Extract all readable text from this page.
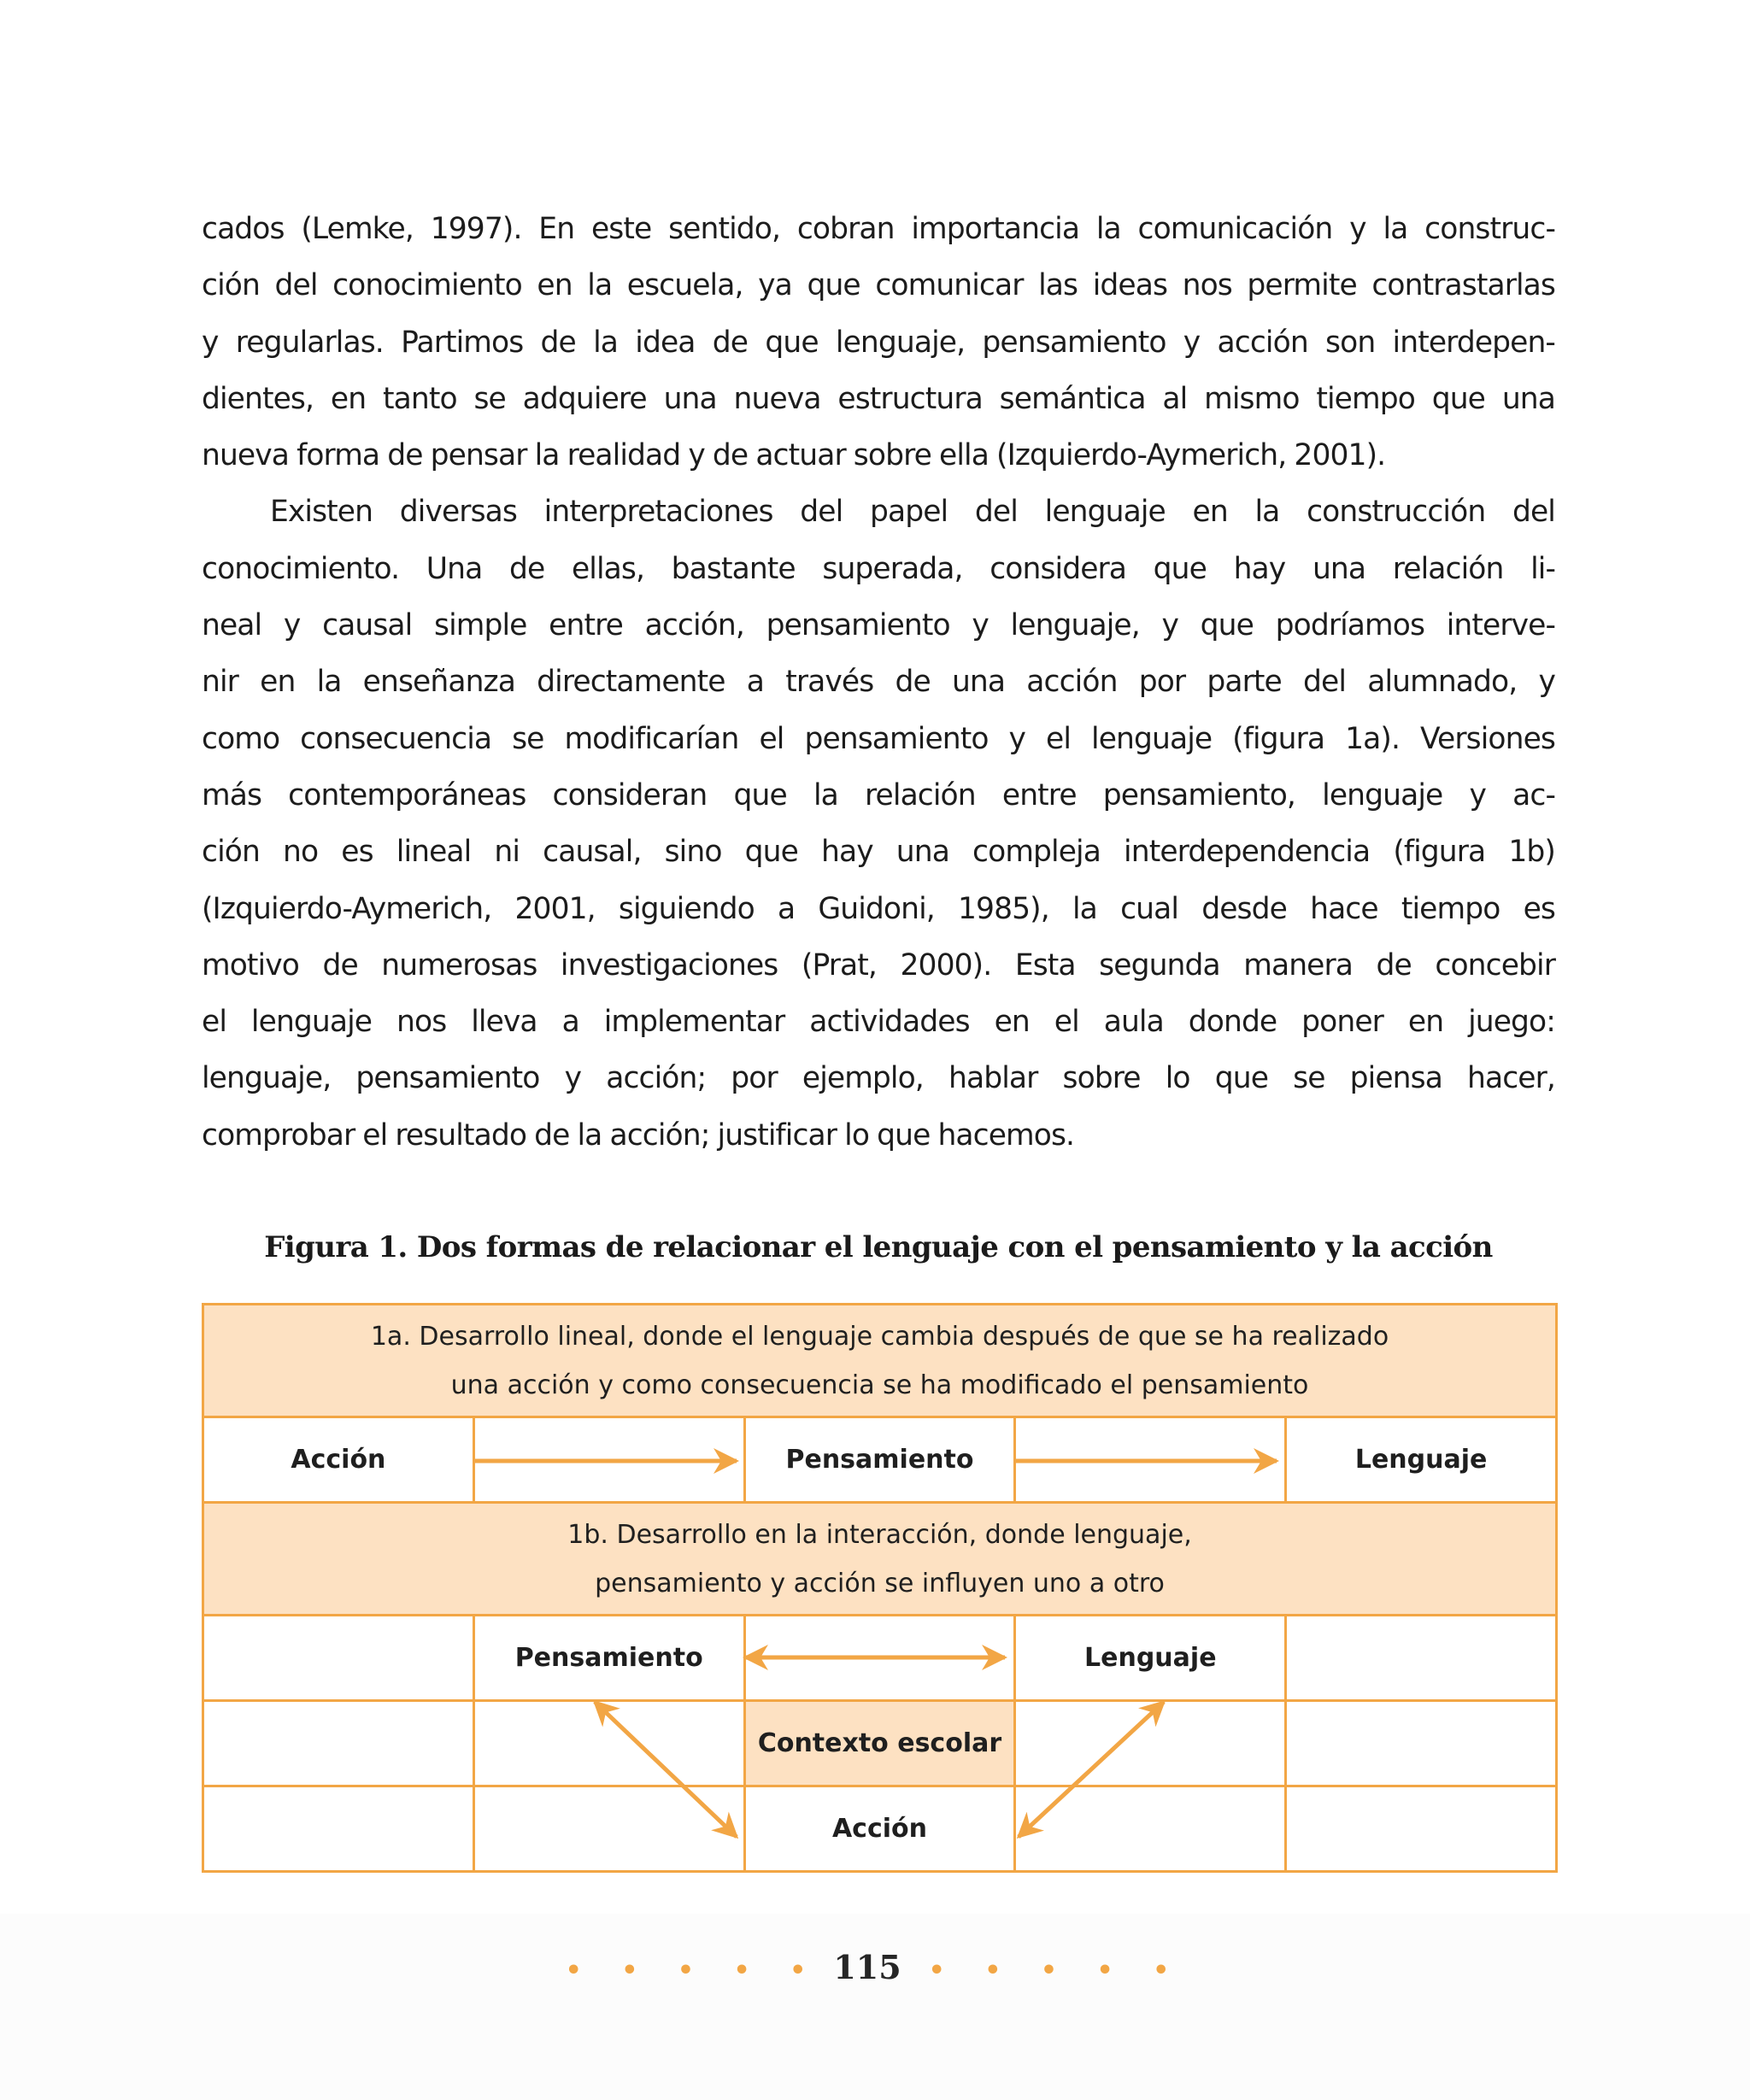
cados (Lemke, 1997). En este sentido, cobran importancia la comunicación y la construc-
ción del conocimiento en la escuela, ya que comunicar las ideas nos permite contrastarlas
y regularlas. Partimos de la idea de que lenguaje, pensamiento y acción son interdepen-
dientes, en tanto se adquiere una nueva estructura semántica al mismo tiempo que una
nueva forma de pensar la realidad y de actuar sobre ella (Izquierdo-Aymerich, 2001).
Existen diversas interpretaciones del papel del lenguaje en la construcción del
conocimiento. Una de ellas, bastante superada, considera que hay una relación li-
neal y causal simple entre acción, pensamiento y lenguaje, y que podríamos interve-
nir en la enseñanza directamente a través de una acción por parte del alumnado, y
como consecuencia se modificarían el pensamiento y el lenguaje (figura 1a). Versiones
más contemporáneas consideran que la relación entre pensamiento, lenguaje y ac-
ción no es lineal ni causal, sino que hay una compleja interdependencia (figura 1b)
(Izquierdo-Aymerich, 2001, siguiendo a Guidoni, 1985), la cual desde hace tiempo es
motivo de numerosas investigaciones (Prat, 2000). Esta segunda manera de concebir
el lenguaje nos lleva a implementar actividades en el aula donde poner en juego:
lenguaje, pensamiento y acción; por ejemplo, hablar sobre lo que se piensa hacer,
comprobar el resultado de la acción; justificar lo que hacemos.
Figura 1. Dos formas de relacionar el lenguaje con el pensamiento y la acción
1a. Desarrollo lineal, donde el lenguaje cambia después de que se ha realizado
una acción y como consecuencia se ha modificado el pensamiento				

Acción		Pensamiento		Lenguaje

1b. Desarrollo en la interacción, donde lenguaje,
pensamiento y acción se influyen uno a otro				

	Pensamiento		Lenguaje	
		Contexto escolar		
		Acción		
• • • • • 115 • • • • •
